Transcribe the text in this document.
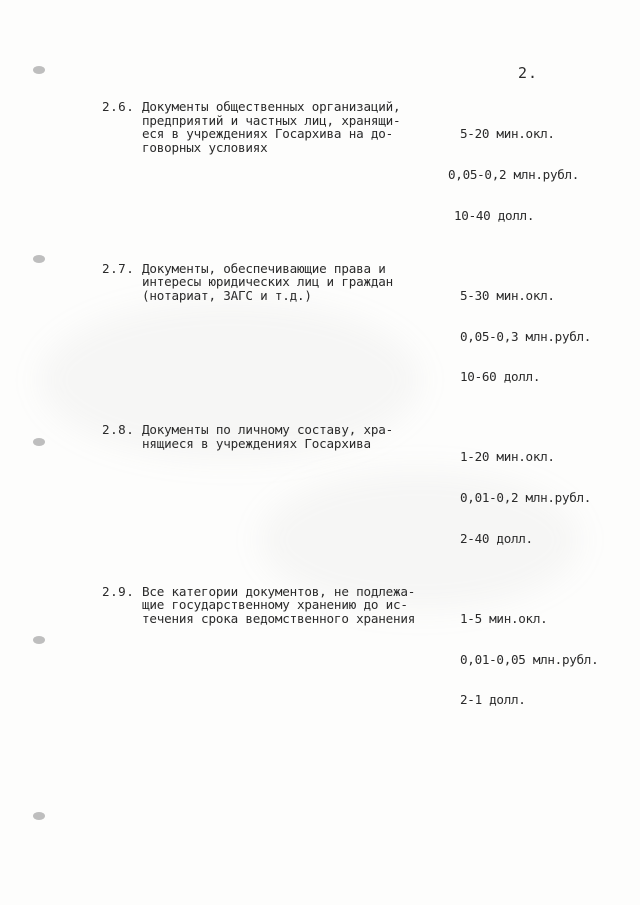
2.
2.6. Документы общественных организаций,
предприятий и частных лиц, хранящи-
еся в учреждениях Госархива на до-
говорных условиях

5-20 мин.окл.

0,05-0,2 млн.рубл.

10-40 долл.

2.7. Документы, обеспечивающие права и
интересы юридических лиц и граждан
(нотариат, ЗАГС и т.д.)

	5-30 мин.окл.

0,05-0,3 млн.рубл.

10-60 долл.

2.8. Документы по личному составу, хра-
нящиеся в учреждениях Госархива

1-20 мин.окл.

0,01-0,2 млн.рубл.

2-40 долл.

2.9. Все категории документов, не подлежа-
щие государственному хранению до ис-
течения срока ведомственного хранения

	1-5 мин.окл.

0,01-0,05 млн.рубл.

2-1 долл.
